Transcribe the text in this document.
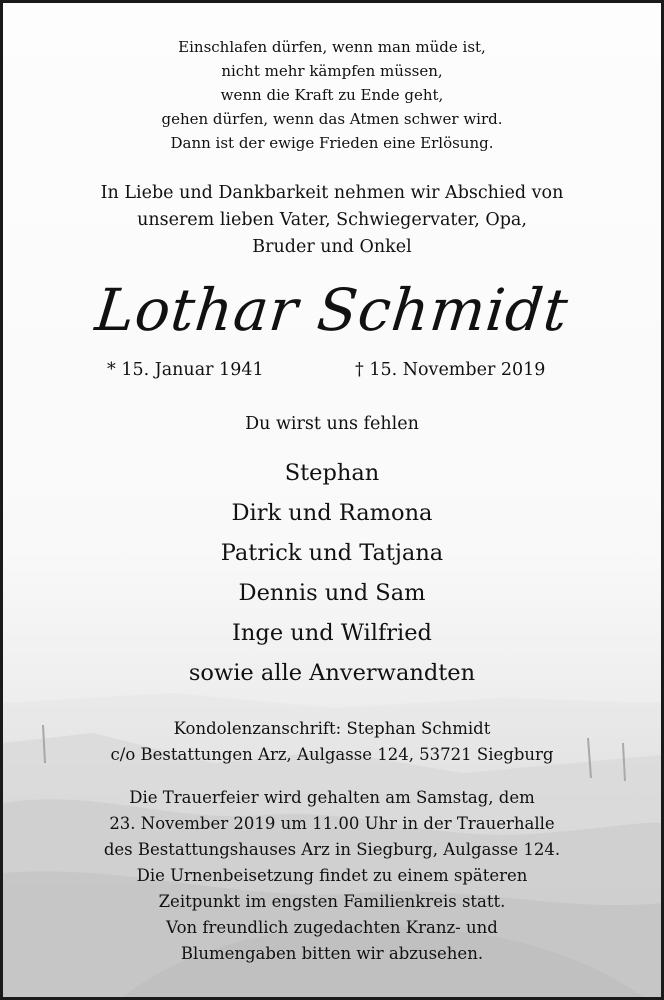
Einschlafen dürfen, wenn man müde ist,
nicht mehr kämpfen müssen,
wenn die Kraft zu Ende geht,
gehen dürfen, wenn das Atmen schwer wird.
Dann ist der ewige Frieden eine Erlösung.
In Liebe und Dankbarkeit nehmen wir Abschied von
unserem lieben Vater, Schwiegervater, Opa,
Bruder und Onkel
Lothar Schmidt
* 15. Januar 1941	† 15. November 2019
Du wirst uns fehlen
Stephan
Dirk und Ramona
Patrick und Tatjana
Dennis und Sam
Inge und Wilfried
sowie alle Anverwandten
Kondolenzanschrift: Stephan Schmidt
c/o Bestattungen Arz, Aulgasse 124, 53721 Siegburg
Die Trauerfeier wird gehalten am Samstag, dem
23. November 2019 um 11.00 Uhr in der Trauerhalle
des Bestattungshauses Arz in Siegburg, Aulgasse 124.
Die Urnenbeisetzung findet zu einem späteren
Zeitpunkt im engsten Familienkreis statt.
Von freundlich zugedachten Kranz- und
Blumengaben bitten wir abzusehen.
